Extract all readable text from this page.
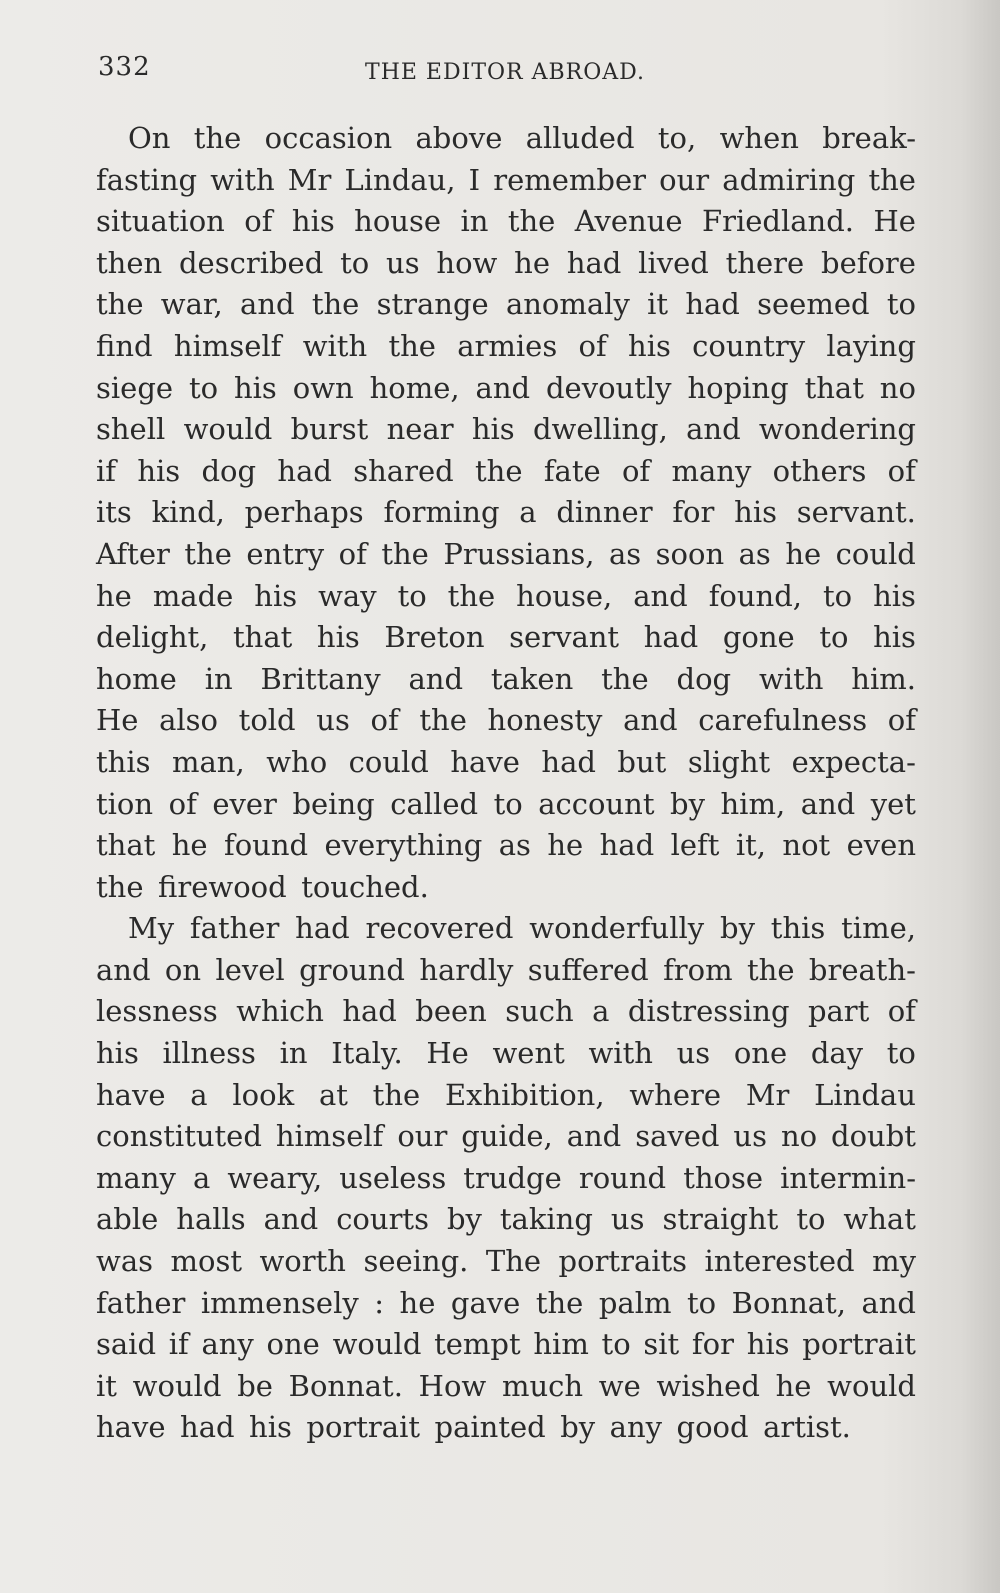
332	THE EDITOR ABROAD.
On the occasion above alluded to, when break-
fasting with Mr Lindau, I remember our admiring the
situation of his house in the Avenue Friedland. He
then described to us how he had lived there before
the war, and the strange anomaly it had seemed to
find himself with the armies of his country laying
siege to his own home, and devoutly hoping that no
shell would burst near his dwelling, and wondering
if his dog had shared the fate of many others of
its kind, perhaps forming a dinner for his servant.
After the entry of the Prussians, as soon as he could
he made his way to the house, and found, to his
delight, that his Breton servant had gone to his
home in Brittany and taken the dog with him.
He also told us of the honesty and carefulness of
this man, who could have had but slight expecta-
tion of ever being called to account by him, and yet
that he found everything as he had left it, not even
the firewood touched.
My father had recovered wonderfully by this time,
and on level ground hardly suffered from the breath-
lessness which had been such a distressing part of
his illness in Italy. He went with us one day to
have a look at the Exhibition, where Mr Lindau
constituted himself our guide, and saved us no doubt
many a weary, useless trudge round those intermin-
able halls and courts by taking us straight to what
was most worth seeing. The portraits interested my
father immensely : he gave the palm to Bonnat, and
said if any one would tempt him to sit for his portrait
it would be Bonnat. How much we wished he would
have had his portrait painted by any good artist.
